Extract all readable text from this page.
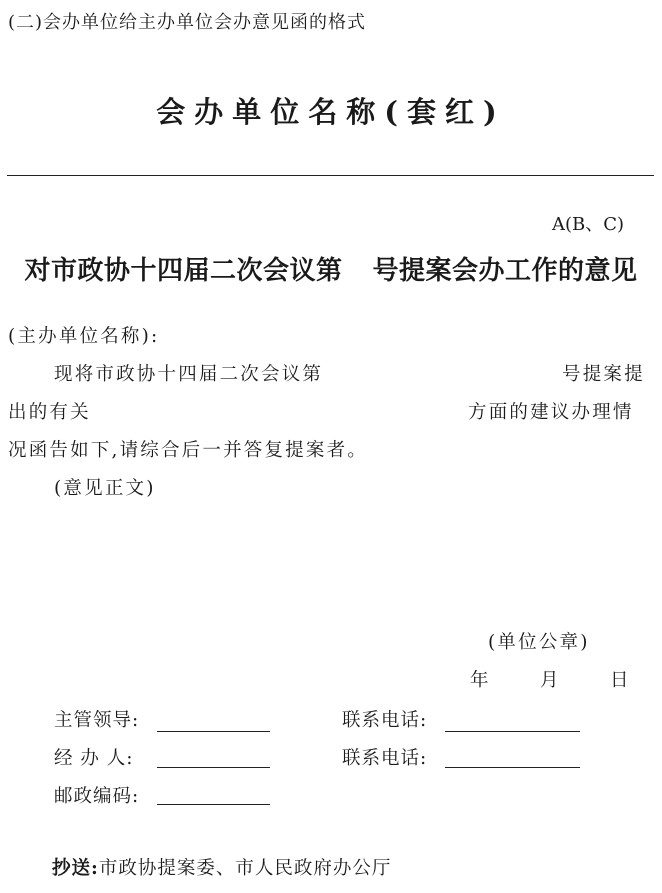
(二)会办单位给主办单位会办意见函的格式
会办单位名称(套红)
A(B、C)
对市政协十四届二次会议第 号提案会办工作的意见
(主办单位名称):
现将市政协十四届二次会议第	号提案提
出的有关	方面的建议办理情
况函告如下,请综合后一并答复提案者。
(意见正文)
(单位公章)
年	月	日
主管领导:	联系电话:
经 办 人:	联系电话:
邮政编码:
抄送:市政协提案委、市人民政府办公厅
